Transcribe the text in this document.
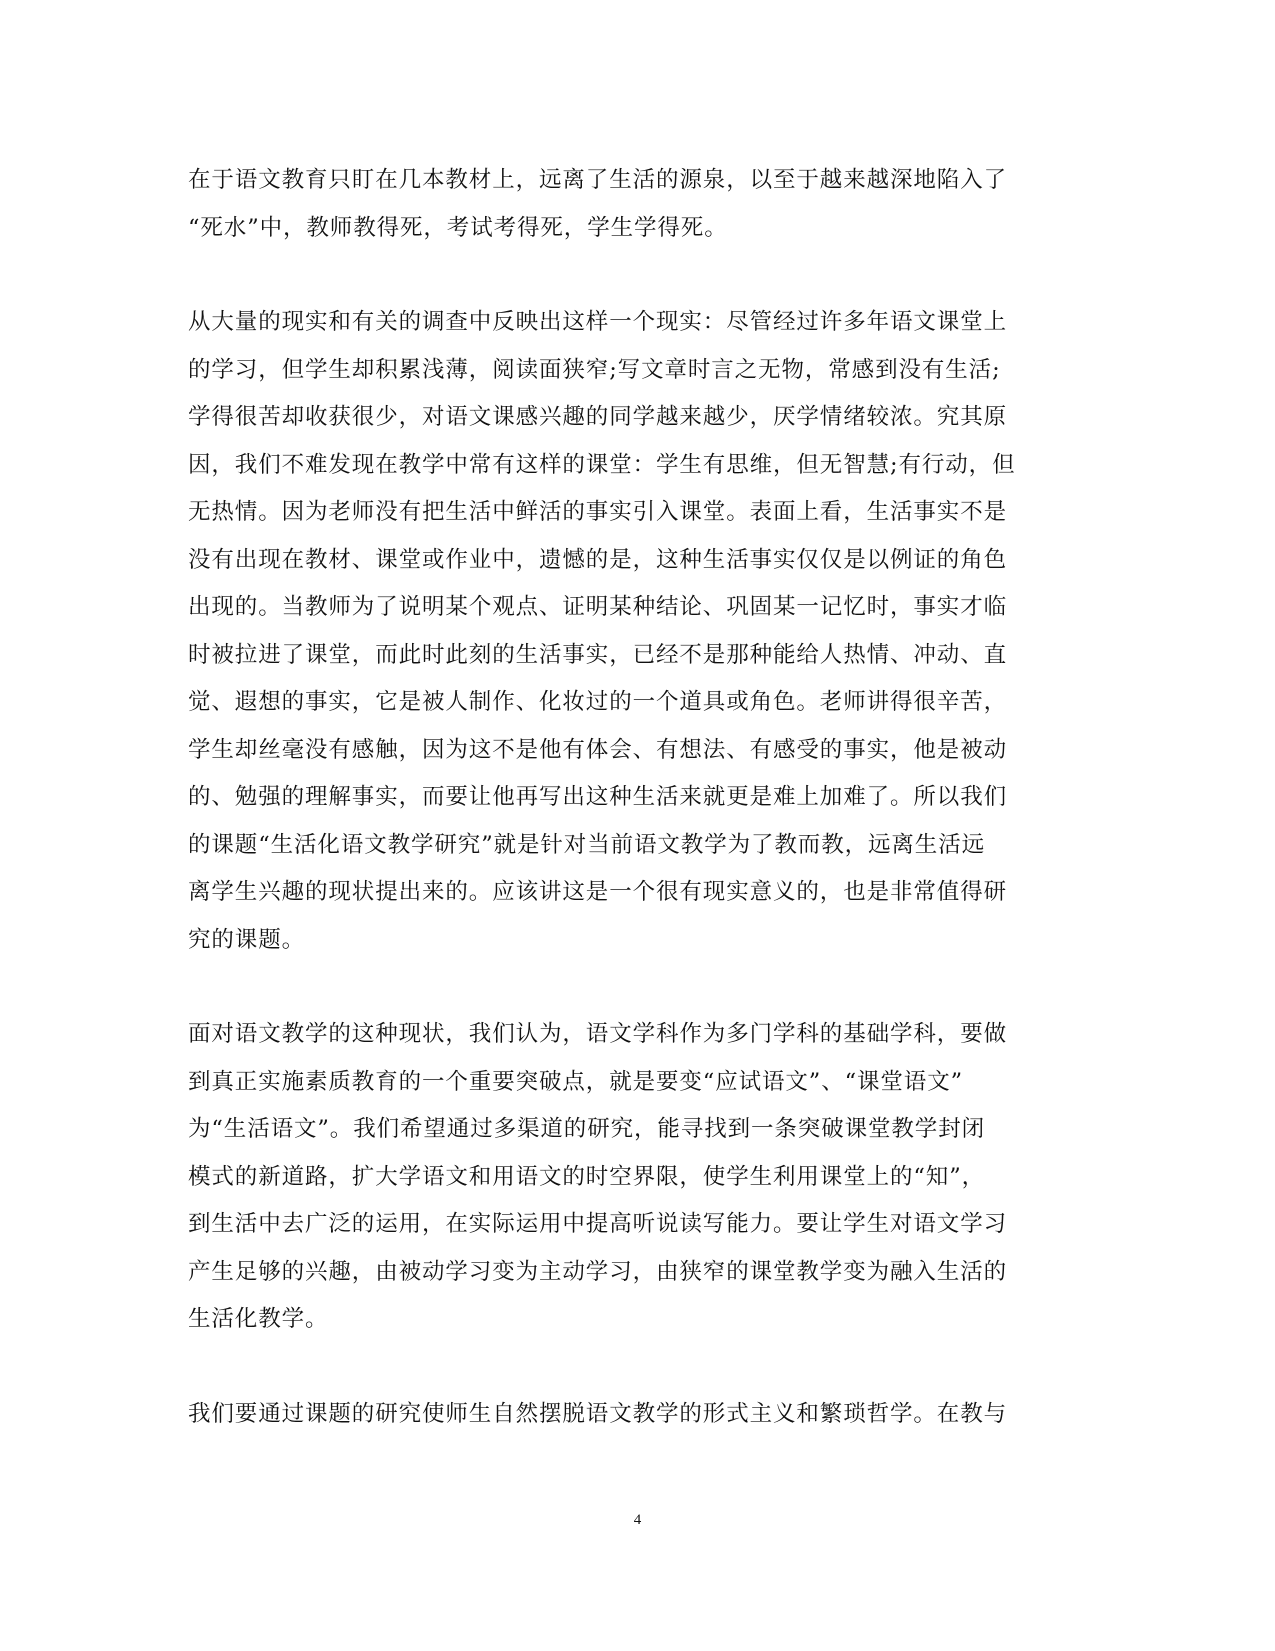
在于语文教育只盯在几本教材上，远离了生活的源泉，以至于越来越深地陷入了
“死水”中，教师教得死，考试考得死，学生学得死。
从大量的现实和有关的调查中反映出这样一个现实：尽管经过许多年语文课堂上
的学习，但学生却积累浅薄，阅读面狭窄;写文章时言之无物，常感到没有生活;
学得很苦却收获很少，对语文课感兴趣的同学越来越少，厌学情绪较浓。究其原
因，我们不难发现在教学中常有这样的课堂：学生有思维，但无智慧;有行动，但
无热情。因为老师没有把生活中鲜活的事实引入课堂。表面上看，生活事实不是
没有出现在教材、课堂或作业中，遗憾的是，这种生活事实仅仅是以例证的角色
出现的。当教师为了说明某个观点、证明某种结论、巩固某一记忆时，事实才临
时被拉进了课堂，而此时此刻的生活事实，已经不是那种能给人热情、冲动、直
觉、遐想的事实，它是被人制作、化妆过的一个道具或角色。老师讲得很辛苦，
学生却丝毫没有感触，因为这不是他有体会、有想法、有感受的事实，他是被动
的、勉强的理解事实，而要让他再写出这种生活来就更是难上加难了。所以我们
的课题“生活化语文教学研究”就是针对当前语文教学为了教而教，远离生活远
离学生兴趣的现状提出来的。应该讲这是一个很有现实意义的，也是非常值得研
究的课题。
面对语文教学的这种现状，我们认为，语文学科作为多门学科的基础学科，要做
到真正实施素质教育的一个重要突破点，就是要变“应试语文”、“课堂语文”
为“生活语文”。我们希望通过多渠道的研究，能寻找到一条突破课堂教学封闭
模式的新道路，扩大学语文和用语文的时空界限，使学生利用课堂上的“知”，
到生活中去广泛的运用，在实际运用中提高听说读写能力。要让学生对语文学习
产生足够的兴趣，由被动学习变为主动学习，由狭窄的课堂教学变为融入生活的
生活化教学。
我们要通过课题的研究使师生自然摆脱语文教学的形式主义和繁琐哲学。在教与
4
